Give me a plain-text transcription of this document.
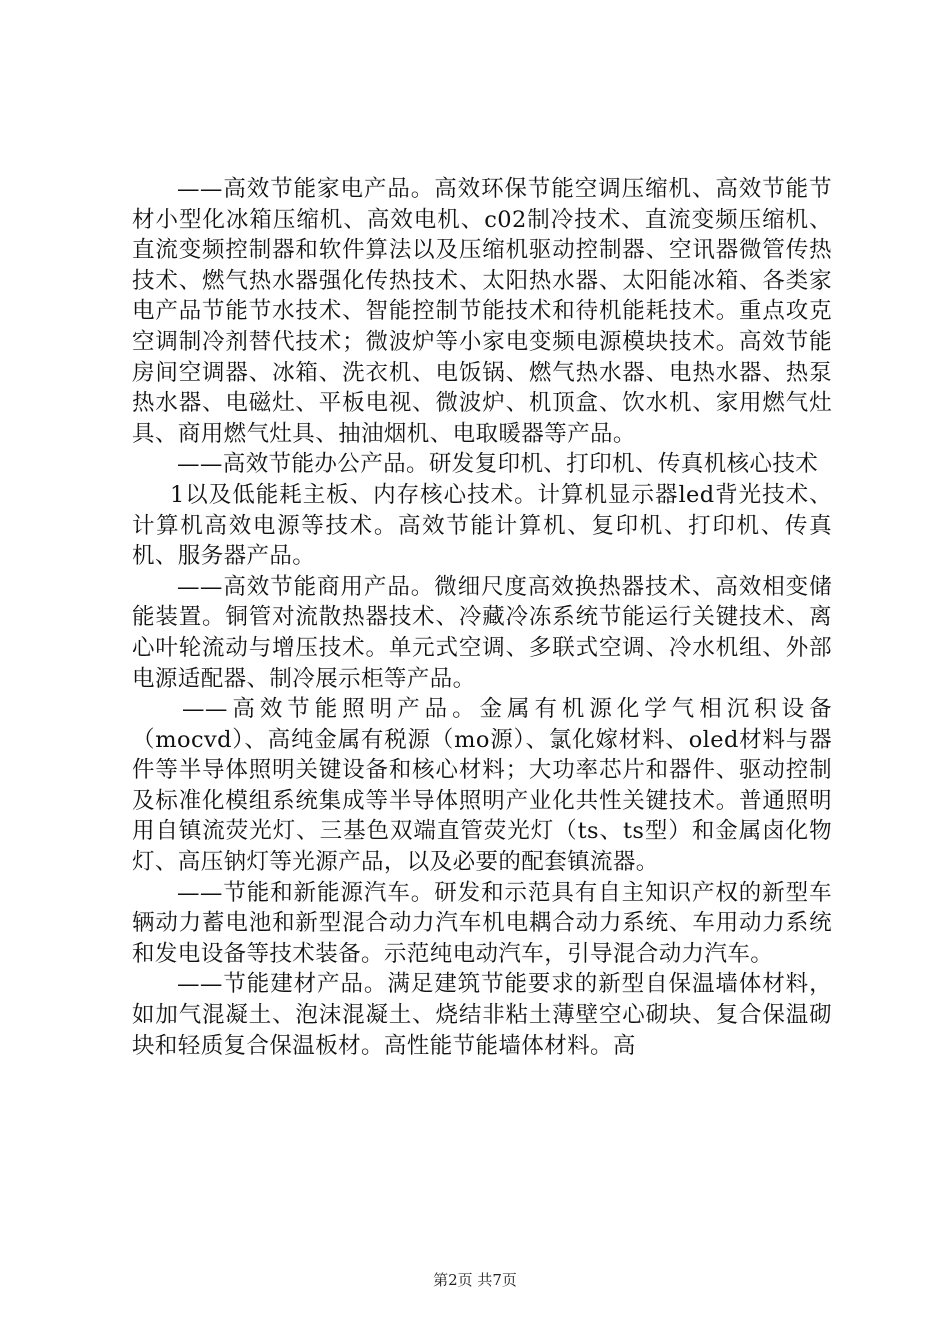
——高效节能家电产品。高效环保节能空调压缩机、高效节能节材小型化冰箱压缩机、高效电机、c02制冷技术、直流变频压缩机、直流变频控制器和软件算法以及压缩机驱动控制器、空讯器微管传热技术、燃气热水器强化传热技术、太阳热水器、太阳能冰箱、各类家电产品节能节水技术、智能控制节能技术和待机能耗技术。重点攻克空调制冷剂替代技术；微波炉等小家电变频电源模块技术。高效节能房间空调器、冰箱、洗衣机、电饭锅、燃气热水器、电热水器、热泵热水器、电磁灶、平板电视、微波炉、机顶盒、饮水机、家用燃气灶具、商用燃气灶具、抽油烟机、电取暖器等产品。

——高效节能办公产品。研发复印机、打印机、传真机核心技术

1以及低能耗主板、内存核心技术。计算机显示器led背光技术、计算机高效电源等技术。高效节能计算机、复印机、打印机、传真机、服务器产品。

——高效节能商用产品。微细尺度高效换热器技术、高效相变储能装置。铜管对流散热器技术、冷藏冷冻系统节能运行关键技术、离心叶轮流动与增压技术。单元式空调、多联式空调、冷水机组、外部电源适配器、制冷展示柜等产品。

——高效节能照明产品。金属有机源化学气相沉积设备（mocvd）、高纯金属有税源（mo源）、氯化嫁材料、oled材料与器件等半导体照明关键设备和核心材料；大功率芯片和器件、驱动控制及标准化模组系统集成等半导体照明产业化共性关键技术。普通照明用自镇流荧光灯、三基色双端直管荧光灯（ts、ts型）和金属卤化物灯、高压钠灯等光源产品，以及必要的配套镇流器。

——节能和新能源汽车。研发和示范具有自主知识产权的新型车辆动力蓄电池和新型混合动力汽车机电耦合动力系统、车用动力系统和发电设备等技术装备。示范纯电动汽车，引导混合动力汽车。

——节能建材产品。满足建筑节能要求的新型自保温墙体材料，如加气混凝土、泡沫混凝土、烧结非粘土薄壁空心砌块、复合保温砌块和轻质复合保温板材。高性能节能墙体材料。高

第2页 共7页
